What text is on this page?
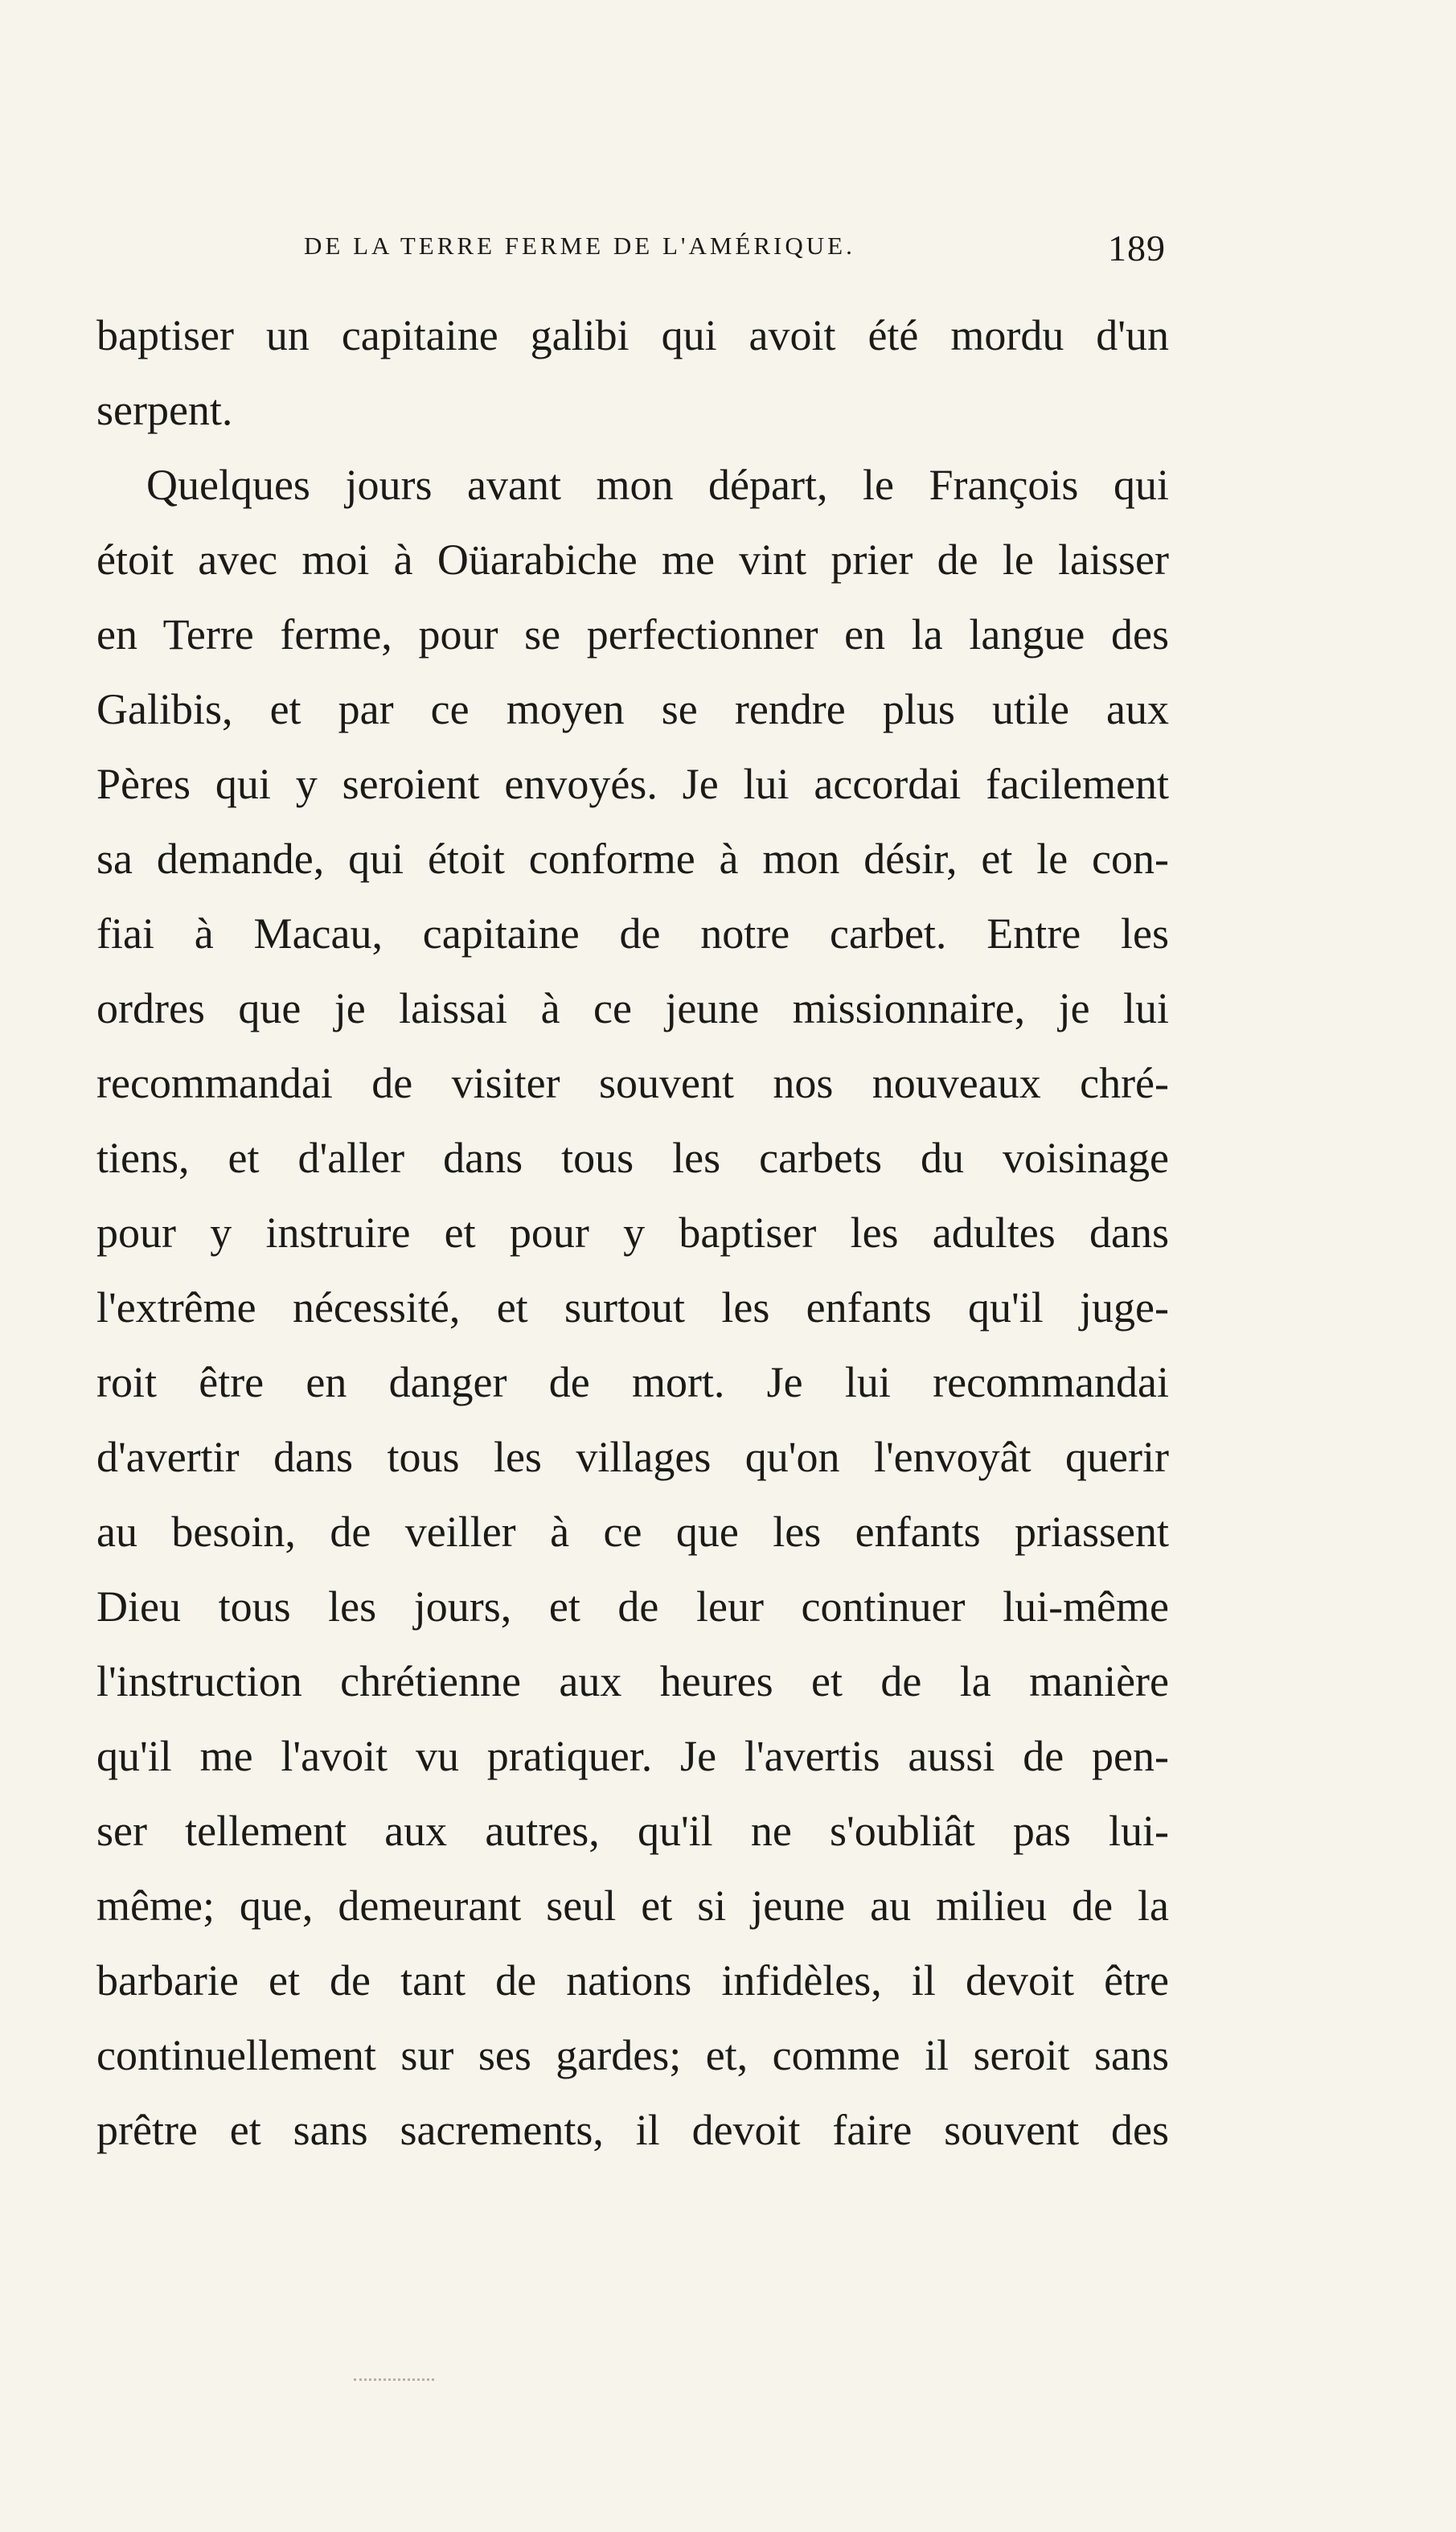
DE LA TERRE FERME DE L'AMÉRIQUE.	189
baptiser un capitaine galibi qui avoit été mordu d'un
serpent.
Quelques jours avant mon départ, le François qui
étoit avec moi à Oüarabiche me vint prier de le laisser
en Terre ferme, pour se perfectionner en la langue des
Galibis, et par ce moyen se rendre plus utile aux
Pères qui y seroient envoyés. Je lui accordai facilement
sa demande, qui étoit conforme à mon désir, et le con-
fiai à Macau, capitaine de notre carbet. Entre les
ordres que je laissai à ce jeune missionnaire, je lui
recommandai de visiter souvent nos nouveaux chré-
tiens, et d'aller dans tous les carbets du voisinage
pour y instruire et pour y baptiser les adultes dans
l'extrême nécessité, et surtout les enfants qu'il juge-
roit être en danger de mort. Je lui recommandai
d'avertir dans tous les villages qu'on l'envoyât querir
au besoin, de veiller à ce que les enfants priassent
Dieu tous les jours, et de leur continuer lui-même
l'instruction chrétienne aux heures et de la manière
qu'il me l'avoit vu pratiquer. Je l'avertis aussi de pen-
ser tellement aux autres, qu'il ne s'oubliât pas lui-
même; que, demeurant seul et si jeune au milieu de la
barbarie et de tant de nations infidèles, il devoit être
continuellement sur ses gardes; et, comme il seroit sans
prêtre et sans sacrements, il devoit faire souvent des
